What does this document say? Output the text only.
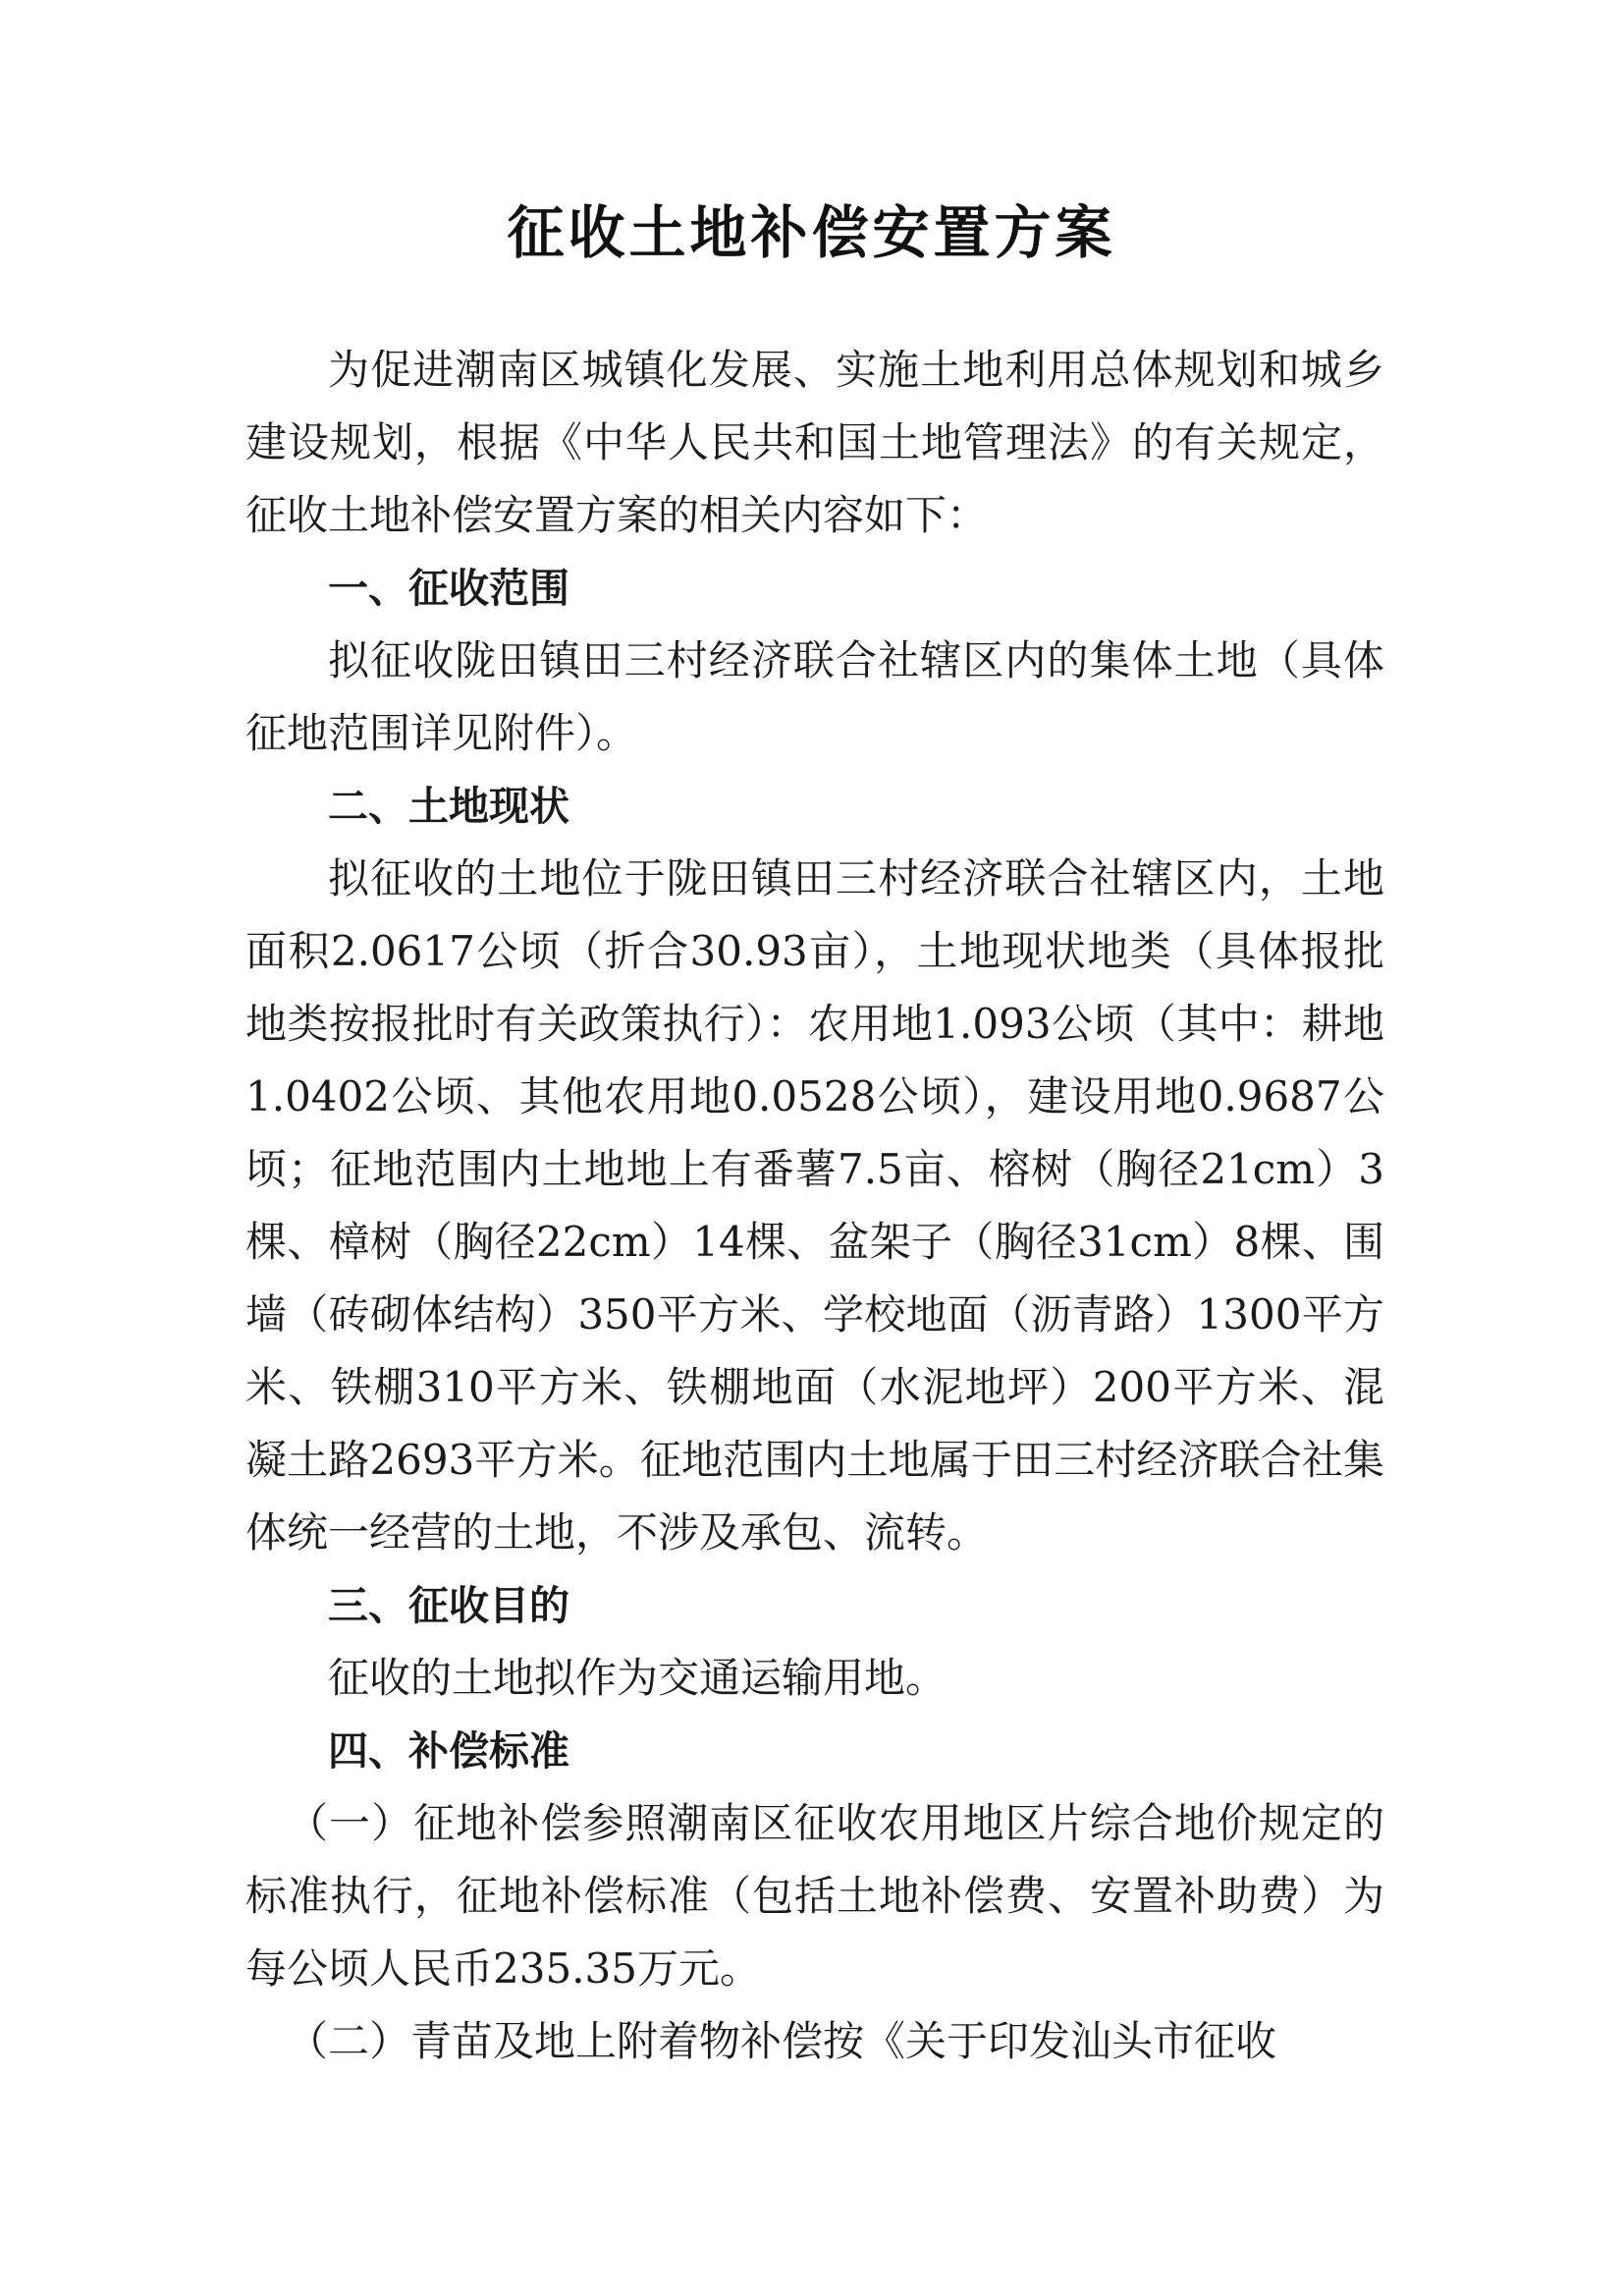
征收土地补偿安置方案

为促进潮南区城镇化发展、实施土地利用总体规划和城乡建设规划，根据《中华人民共和国土地管理法》的有关规定，征收土地补偿安置方案的相关内容如下：

一、征收范围

拟征收陇田镇田三村经济联合社辖区内的集体土地（具体征地范围详见附件）。

二、土地现状

拟征收的土地位于陇田镇田三村经济联合社辖区内，土地面积2.0617公顷（折合30.93亩），土地现状地类（具体报批地类按报批时有关政策执行）：农用地1.093公顷（其中：耕地1.0402公顷、其他农用地0.0528公顷），建设用地0.9687公顷；征地范围内土地地上有番薯7.5亩、榕树（胸径21cm）3棵、樟树（胸径22cm）14棵、盆架子（胸径31cm）8棵、围墙（砖砌体结构）350平方米、学校地面（沥青路）1300平方米、铁棚310平方米、铁棚地面（水泥地坪）200平方米、混凝土路2693平方米。征地范围内土地属于田三村经济联合社集体统一经营的土地，不涉及承包、流转。

三、征收目的

征收的土地拟作为交通运输用地。

四、补偿标准

（一）征地补偿参照潮南区征收农用地区片综合地价规定的标准执行，征地补偿标准（包括土地补偿费、安置补助费）为每公顷人民币235.35万元。

（二）青苗及地上附着物补偿按《关于印发汕头市征收
